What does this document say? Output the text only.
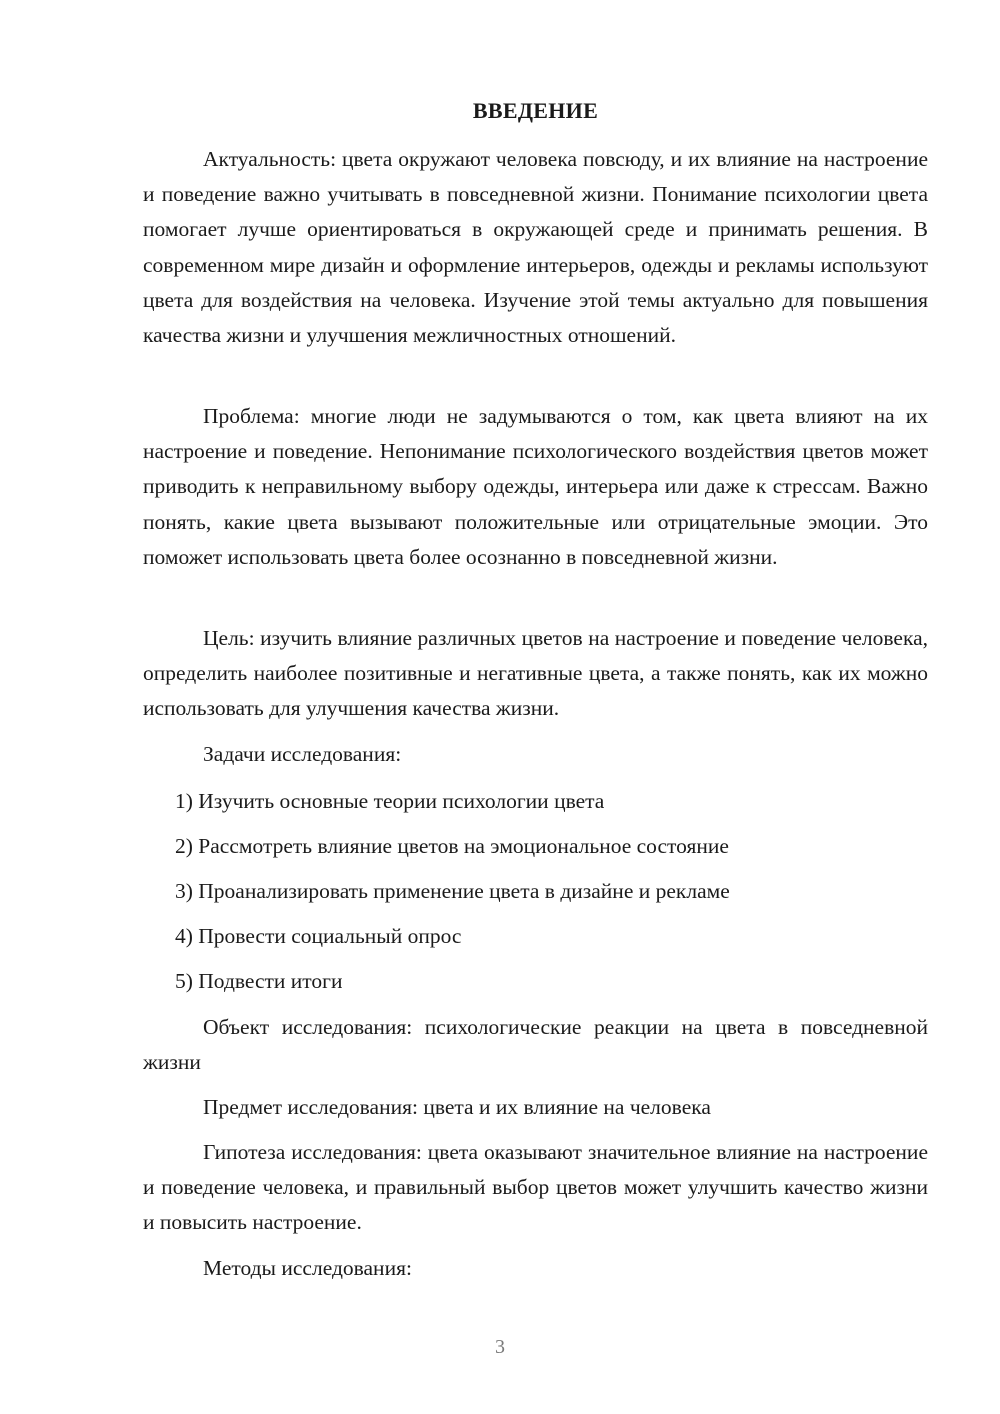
ВВЕДЕНИЕ

Актуальность: цвета окружают человека повсюду, и их влияние на настроение и поведение важно учитывать в повседневной жизни. Понимание психологии цвета помогает лучше ориентироваться в окружающей среде и принимать решения. В современном мире дизайн и оформление интерьеров, одежды и рекламы используют цвета для воздействия на человека. Изучение этой темы актуально для повышения качества жизни и улучшения межличностных отношений.

Проблема: многие люди не задумываются о том, как цвета влияют на их настроение и поведение. Непонимание психологического воздействия цветов может приводить к неправильному выбору одежды, интерьера или даже к стрессам. Важно понять, какие цвета вызывают положительные или отрицательные эмоции. Это поможет использовать цвета более осознанно в повседневной жизни.

Цель: изучить влияние различных цветов на настроение и поведение человека, определить наиболее позитивные и негативные цвета, а также понять, как их можно использовать для улучшения качества жизни.

Задачи исследования:

1) Изучить основные теории психологии цвета

2) Рассмотреть влияние цветов на эмоциональное состояние

3) Проанализировать применение цвета в дизайне и рекламе

4) Провести социальный опрос

5) Подвести итоги

Объект исследования: психологические реакции на цвета в повседневной жизни

Предмет исследования: цвета и их влияние на человека

Гипотеза исследования: цвета оказывают значительное влияние на настроение и поведение человека, и правильный выбор цветов может улучшить качество жизни и повысить настроение.

Методы исследования:

3
